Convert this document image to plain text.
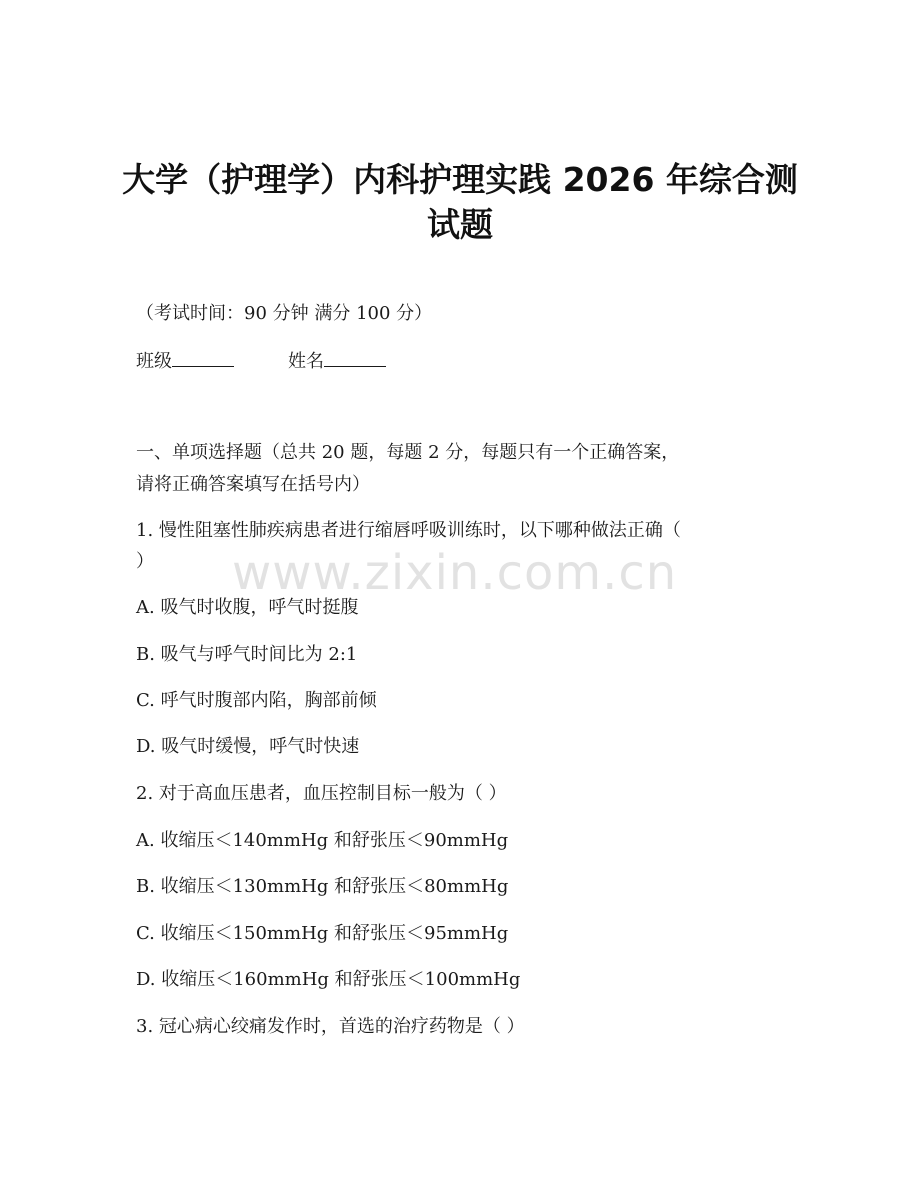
大学（护理学）内科护理实践 2026 年综合测
试题
（考试时间：90 分钟 满分 100 分）
班级	姓名
一、单项选择题（总共 20 题，每题 2 分，每题只有一个正确答案，
请将正确答案填写在括号内）
1. 慢性阻塞性肺疾病患者进行缩唇呼吸训练时，以下哪种做法正确（
）
A. 吸气时收腹，呼气时挺腹
B. 吸气与呼气时间比为 2:1
C. 呼气时腹部内陷，胸部前倾
D. 吸气时缓慢，呼气时快速
2. 对于高血压患者，血压控制目标一般为（ ）
A. 收缩压＜140mmHg 和舒张压＜90mmHg
B. 收缩压＜130mmHg 和舒张压＜80mmHg
C. 收缩压＜150mmHg 和舒张压＜95mmHg
D. 收缩压＜160mmHg 和舒张压＜100mmHg
3. 冠心病心绞痛发作时，首选的治疗药物是（ ）
www.zixin.com.cn
